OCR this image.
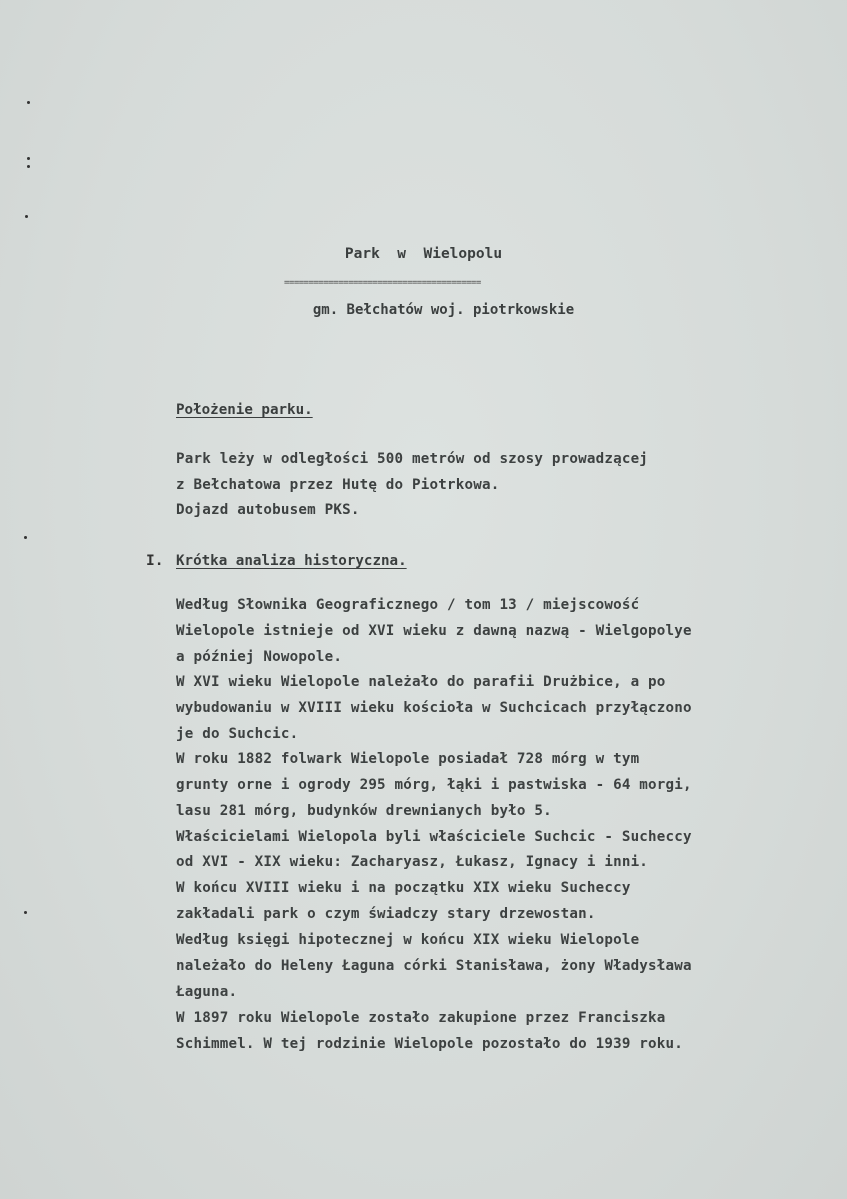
Park  w  Wielopolu
========================================
gm. Bełchatów woj. piotrkowskie
Położenie parku.
Park leży w odległości 500 metrów od szosy prowadzącej
z Bełchatowa przez Hutę do Piotrkowa.
Dojazd autobusem PKS.
I. Krótka analiza historyczna.
Według Słownika Geograficznego / tom 13 / miejscowość
Wielopole istnieje od XVI wieku z dawną nazwą - Wielgopolye
a później Nowopole.
W XVI wieku Wielopole należało do parafii Drużbice, a po
wybudowaniu w XVIII wieku kościoła w Suchcicach przyłączono
je do Suchcic.
W roku 1882 folwark Wielopole posiadał 728 mórg w tym
grunty orne i ogrody 295 mórg, łąki i pastwiska - 64 morgi,
lasu 281 mórg, budynków drewnianych było 5.
Właścicielami Wielopola byli właściciele Suchcic - Sucheccy
od XVI - XIX wieku: Zacharyasz, Łukasz, Ignacy i inni.
W końcu XVIII wieku i na początku XIX wieku Suchеccy
zakładali park o czym świadczy stary drzewostan.
Według księgi hipotecznej w końcu XIX wieku Wielopole
należało do Heleny Łaguna córki Stanisława, żony Władysława
Łaguna.
W 1897 roku Wielopole zostało zakupione przez Franciszka
Schimmel. W tej rodzinie Wielopole pozostało do 1939 roku.
